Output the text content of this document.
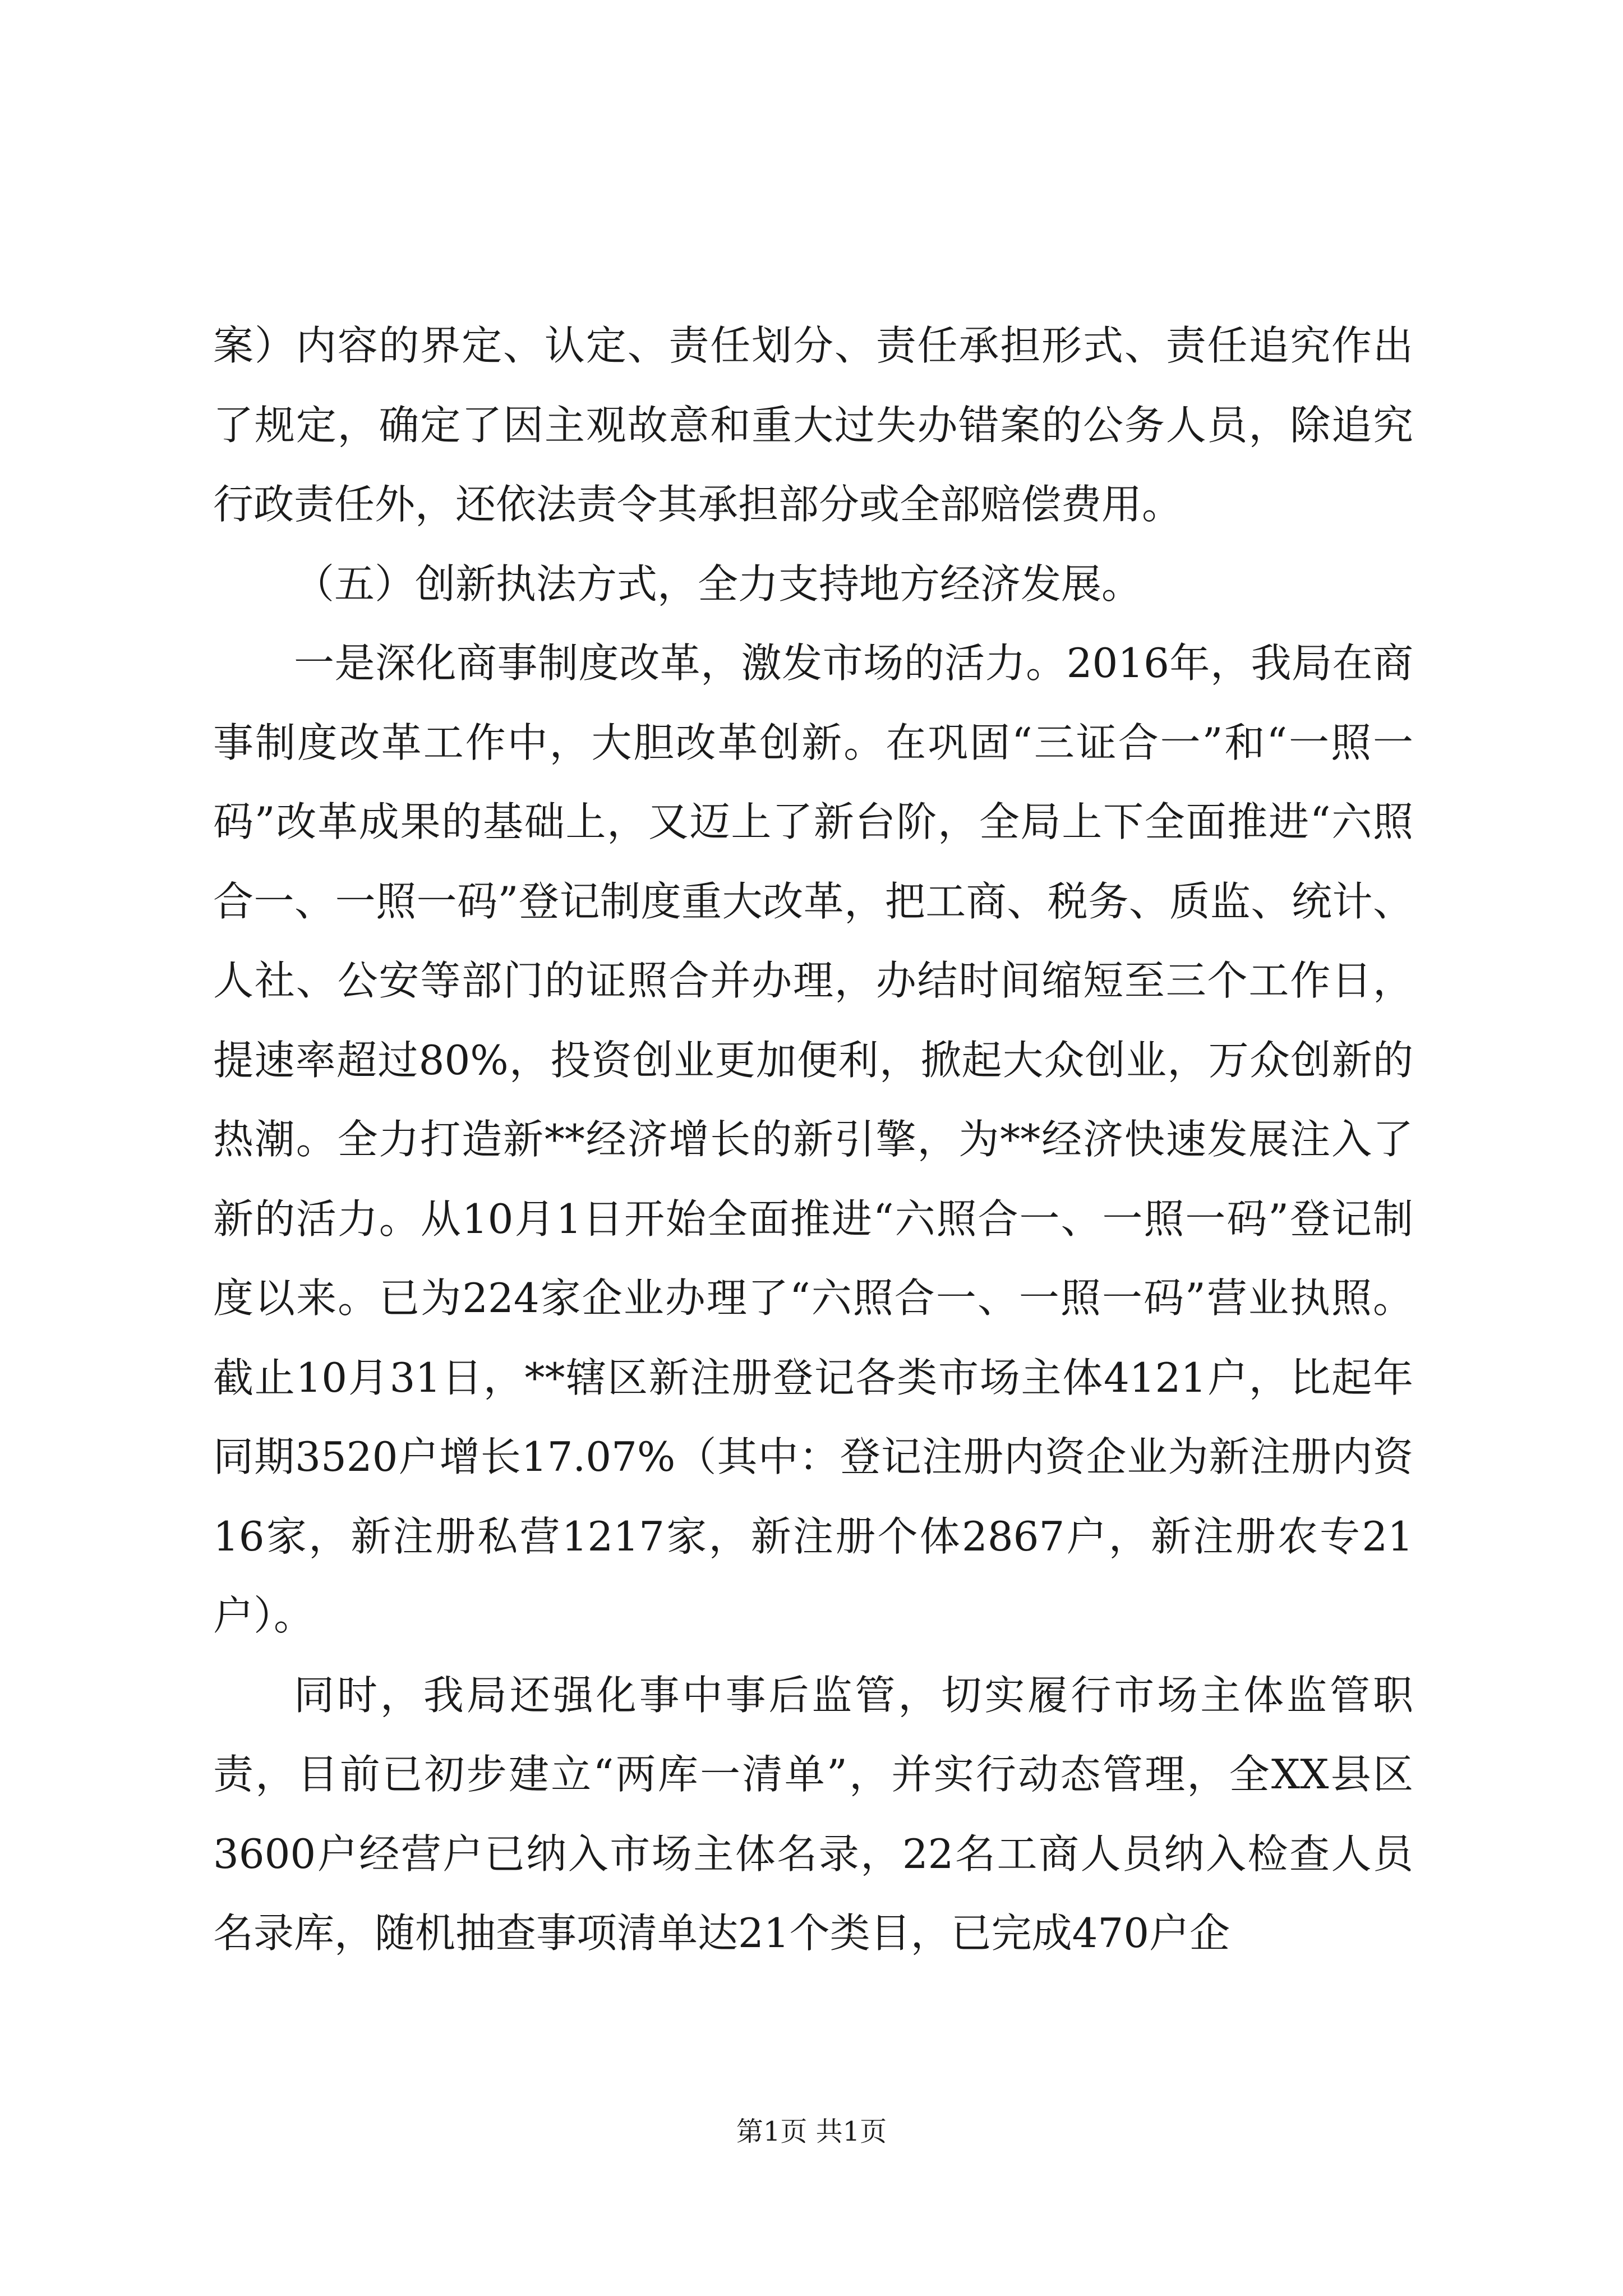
案）内容的界定、认定、责任划分、责任承担形式、责任追究作出了规定，确定了因主观故意和重大过失办错案的公务人员，除追究行政责任外，还依法责令其承担部分或全部赔偿费用。

（五）创新执法方式，全力支持地方经济发展。

一是深化商事制度改革，激发市场的活力。2016年，我局在商事制度改革工作中，大胆改革创新。在巩固“三证合一”和“一照一码”改革成果的基础上，又迈上了新台阶，全局上下全面推进“六照合一、一照一码”登记制度重大改革，把工商、税务、质监、统计、人社、公安等部门的证照合并办理，办结时间缩短至三个工作日，提速率超过80%，投资创业更加便利，掀起大众创业，万众创新的热潮。全力打造新**经济增长的新引擎，为**经济快速发展注入了新的活力。从10月1日开始全面推进“六照合一、一照一码”登记制度以来。已为224家企业办理了“六照合一、一照一码”营业执照。截止10月31日，**辖区新注册登记各类市场主体4121户，比起年同期3520户增长17.07%（其中：登记注册内资企业为新注册内资16家，新注册私营1217家，新注册个体2867户，新注册农专21户）。

同时，我局还强化事中事后监管，切实履行市场主体监管职责，目前已初步建立“两库一清单”，并实行动态管理，全XX县区3600户经营户已纳入市场主体名录，22名工商人员纳入检查人员名录库，随机抽查事项清单达21个类目，已完成470户企

第1页 共1页
